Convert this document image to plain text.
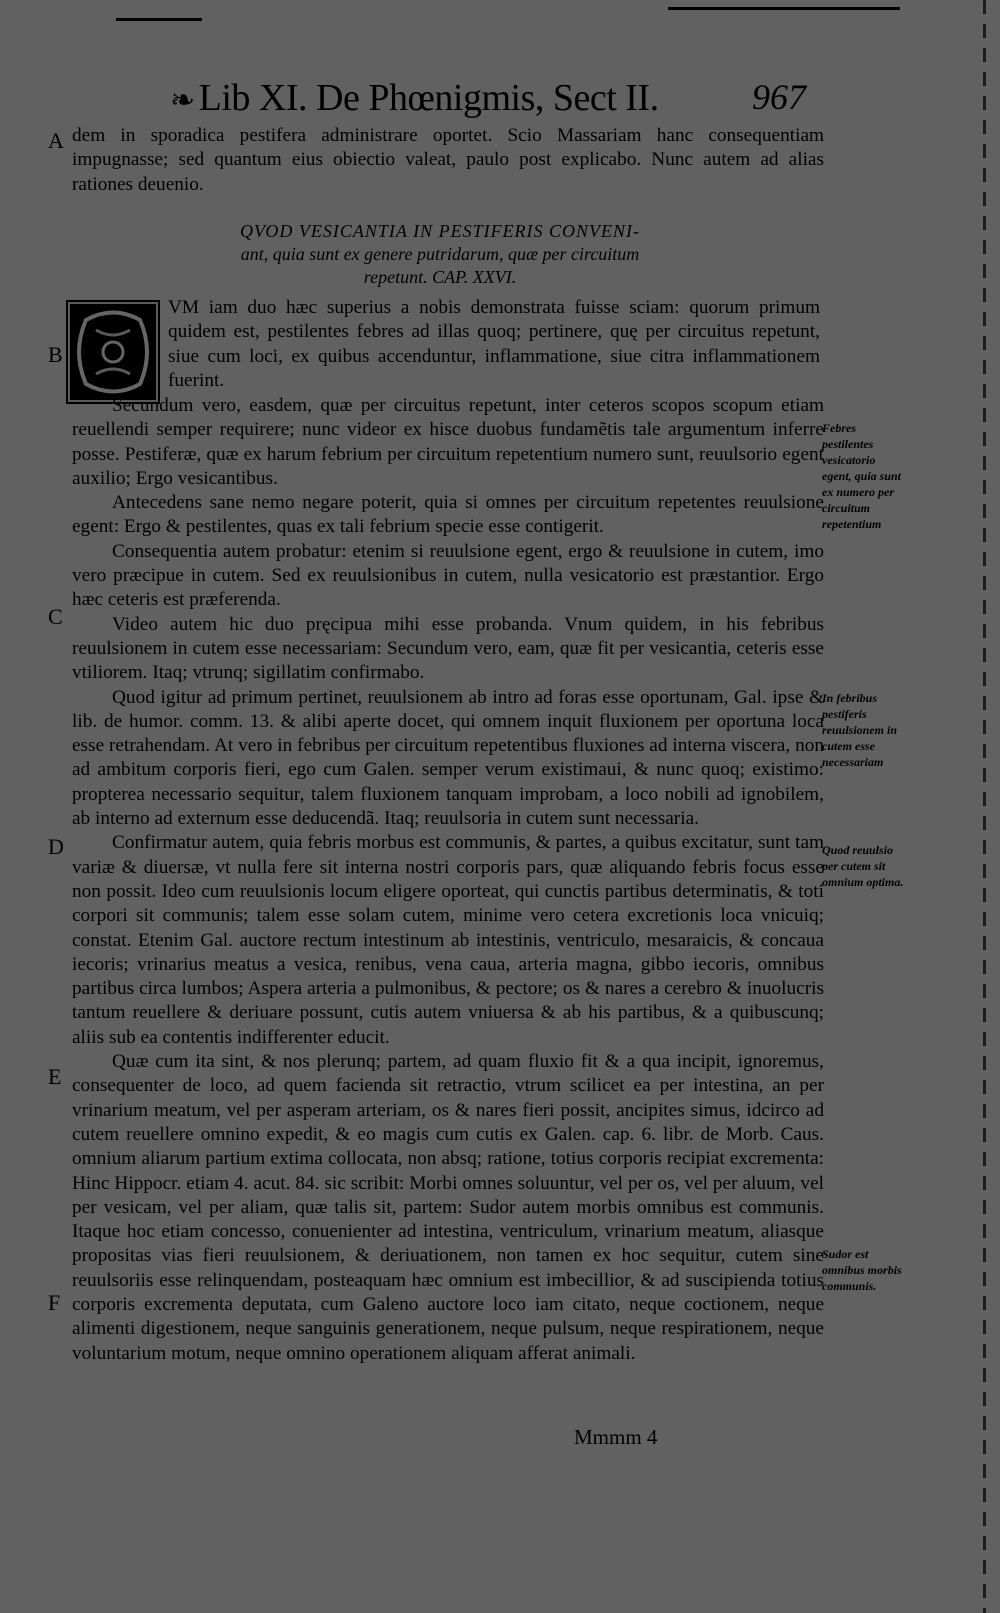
❧ Lib XI. De Phœnigmis, Sect II.	967
A
B
C
D
E
F

dem in sporadica pestifera administrare oportet. Scio Massariam hanc consequentiam impugnasse; sed quantum eius obiectio valeat, paulo post explicabo. Nunc autem ad alias rationes deuenio.

QVOD VESICANTIA IN PESTIFERIS CONVENI-
ant, quia sunt ex genere putridarum, quæ per circuitum
repetunt. CAP. XXVI.

VM iam duo hæc superius a nobis demonstrata fuisse sciam: quorum primum quidem est, pestilentes febres ad illas quoq; pertinere, quę per circuitus repetunt, siue cum loci, ex quibus accenduntur, inflammatione, siue citra inflammationem fuerint.

Secundum vero, easdem, quæ per circuitus repetunt, inter ceteros scopos scopum etiam reuellendi semper requirere; nunc videor ex hisce duobus fundamẽtis tale argumentum inferre posse. Pestiferæ, quæ ex harum febrium per circuitum repetentium numero sunt, reuulsorio egent auxilio; Ergo vesicantibus.

Antecedens sane nemo negare poterit, quia si omnes per circuitum repetentes reuulsione egent: Ergo & pestilentes, quas ex tali febrium specie esse contigerit.

Consequentia autem probatur: etenim si reuulsione egent, ergo & reuulsione in cutem, imo vero præcipue in cutem. Sed ex reuulsionibus in cutem, nulla vesicatorio est præstantior. Ergo hæc ceteris est præferenda.

Video autem hic duo pręcipua mihi esse probanda. Vnum quidem, in his febribus reuulsionem in cutem esse necessariam: Secundum vero, eam, quæ fit per vesicantia, ceteris esse vtiliorem. Itaq; vtrunq; sigillatim confirmabo.

Quod igitur ad primum pertinet, reuulsionem ab intro ad foras esse oportunam, Gal. ipse & lib. de humor. comm. 13. & alibi aperte docet, qui omnem inquit fluxionem per oportuna loca esse retrahendam. At vero in febribus per circuitum repetentibus fluxiones ad interna viscera, non ad ambitum corporis fieri, ego cum Galen. semper verum existimaui, & nunc quoq; existimo: propterea necessario sequitur, talem fluxionem tanquam improbam, a loco nobili ad ignobilem, ab interno ad externum esse deducendã. Itaq; reuulsoria in cutem sunt necessaria.

Confirmatur autem, quia febris morbus est communis, & partes, a quibus excitatur, sunt tam variæ & diuersæ, vt nulla fere sit interna nostri corporis pars, quæ aliquando febris focus esse non possit. Ideo cum reuulsionis locum eligere oporteat, qui cunctis partibus determinatis, & toti corpori sit communis; talem esse solam cutem, minime vero cetera excretionis loca vnicuiq; constat. Etenim Gal. auctore rectum intestinum ab intestinis, ventriculo, mesaraicis, & concaua iecoris; vrinarius meatus a vesica, renibus, vena caua, arteria magna, gibbo iecoris, omnibus partibus circa lumbos; Aspera arteria a pulmonibus, & pectore; os & nares a cerebro & inuolucris tantum reuellere & deriuare possunt, cutis autem vniuersa & ab his partibus, & a quibuscunq; aliis sub ea contentis indifferenter educit.

Quæ cum ita sint, & nos plerunq; partem, ad quam fluxio fit & a qua incipit, ignoremus, consequenter de loco, ad quem facienda sit retractio, vtrum scilicet ea per intestina, an per vrinarium meatum, vel per asperam arteriam, os & nares fieri possit, ancipites simus, idcirco ad cutem reuellere omnino expedit, & eo magis cum cutis ex Galen. cap. 6. libr. de Morb. Caus. omnium aliarum partium extima collocata, non absq; ratione, totius corporis recipiat excrementa: Hinc Hippocr. etiam 4. acut. 84. sic scribit: Morbi omnes soluuntur, vel per os, vel per aluum, vel per vesicam, vel per aliam, quæ talis sit, partem: Sudor autem morbis omnibus est communis. Itaque hoc etiam concesso, conuenienter ad intestina, ventriculum, vrinarium meatum, aliasque propositas vias fieri reuulsionem, & deriuationem, non tamen ex hoc sequitur, cutem sine reuulsoriis esse relinquendam, posteaquam hæc omnium est imbecillior, & ad suscipienda totius corporis excrementa deputata, cum Galeno auctore loco iam citato, neque coctionem, neque alimenti digestionem, neque sanguinis generationem, neque pulsum, neque respirationem, neque voluntarium motum, neque omnino operationem aliquam afferat animali.

Febres pestilentes vesicatorio egent, quia sunt ex numero per circuitum repetentium
In febribus pestiferis reuulsionem in cutem esse necessariam
Quod reuulsio per cutem sit omnium optima.
Sudor est omnibus morbis communis.
Mmmm 4
